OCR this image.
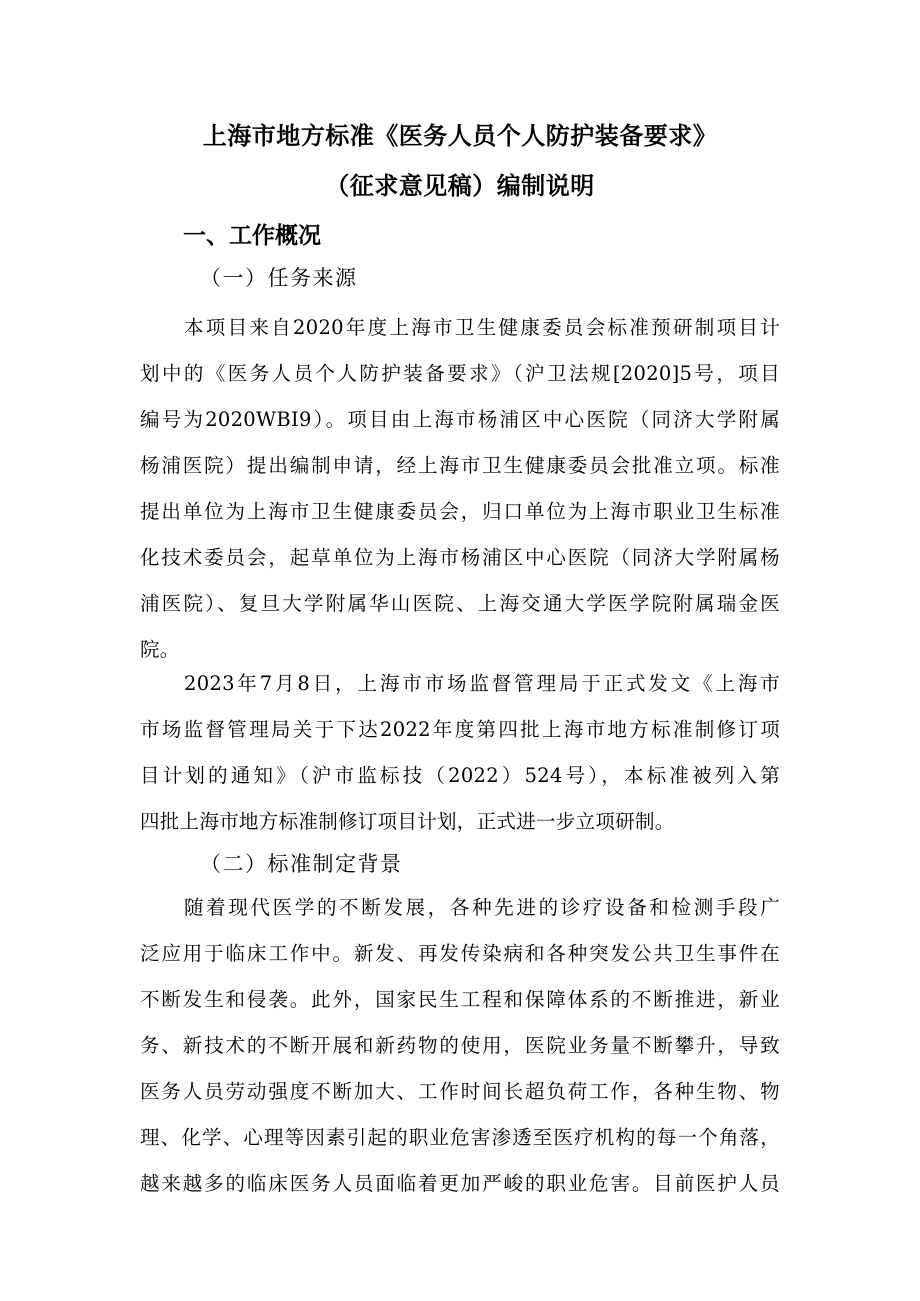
上海市地方标准《医务人员个人防护装备要求》
（征求意见稿）编制说明
一、工作概况
（一）任务来源
本项目来自2020年度上海市卫生健康委员会标准预研制项目计
划中的《医务人员个人防护装备要求》（沪卫法规[2020]5号，项目
编号为2020WBI9）。项目由上海市杨浦区中心医院（同济大学附属
杨浦医院）提出编制申请，经上海市卫生健康委员会批准立项。标准
提出单位为上海市卫生健康委员会，归口单位为上海市职业卫生标准
化技术委员会，起草单位为上海市杨浦区中心医院（同济大学附属杨
浦医院）、复旦大学附属华山医院、上海交通大学医学院附属瑞金医
院。
2023年7月8日，上海市市场监督管理局于正式发文《上海市
市场监督管理局关于下达2022年度第四批上海市地方标准制修订项
目计划的通知》（沪市监标技（2022）524号），本标准被列入第
四批上海市地方标准制修订项目计划，正式进一步立项研制。
（二）标准制定背景
随着现代医学的不断发展，各种先进的诊疗设备和检测手段广
泛应用于临床工作中。新发、再发传染病和各种突发公共卫生事件在
不断发生和侵袭。此外，国家民生工程和保障体系的不断推进，新业
务、新技术的不断开展和新药物的使用，医院业务量不断攀升，导致
医务人员劳动强度不断加大、工作时间长超负荷工作，各种生物、物
理、化学、心理等因素引起的职业危害渗透至医疗机构的每一个角落，
越来越多的临床医务人员面临着更加严峻的职业危害。目前医护人员
